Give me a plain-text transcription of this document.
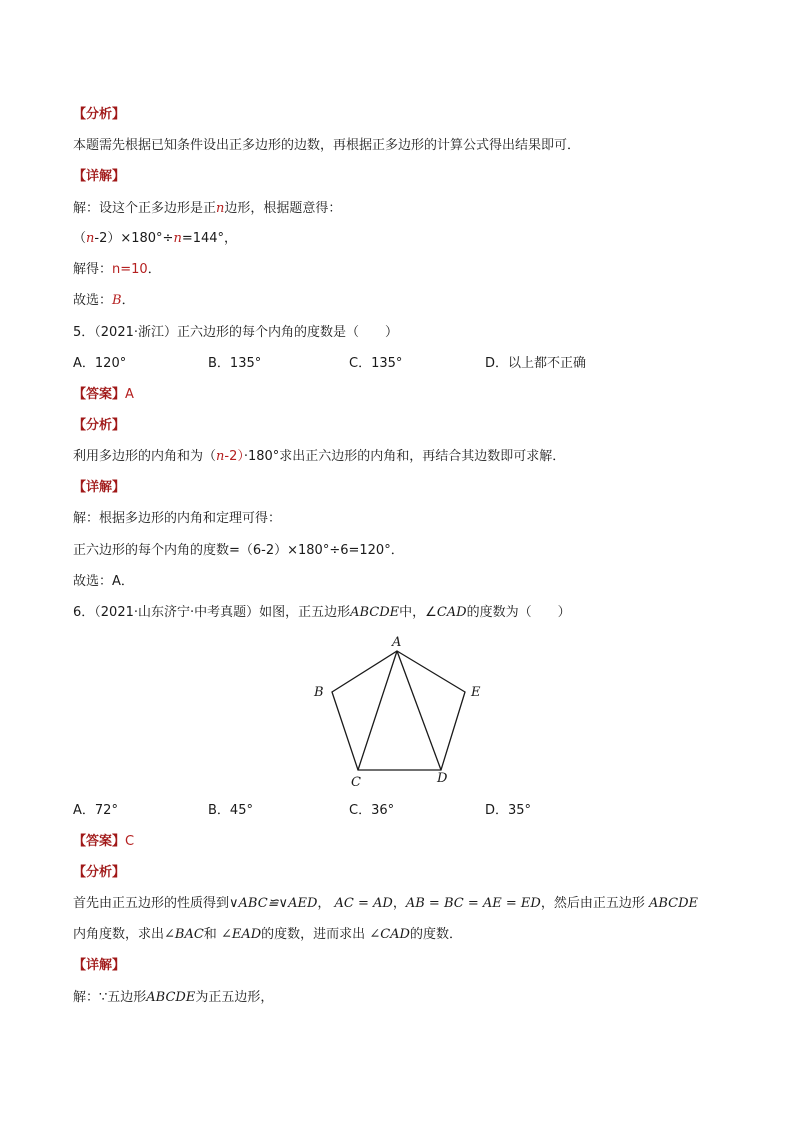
【分析】
本题需先根据已知条件设出正多边形的边数，再根据正多边形的计算公式得出结果即可．
【详解】
解：设这个正多边形是正n边形，根据题意得：
（n-2）×180°÷n=144°，
解得：n=10．
故选：B．
5．（2021·浙江）正六边形的每个内角的度数是（　　）
A．120°	B．135°	C．135°	D．以上都不正确
【答案】A
【分析】
利用多边形的内角和为（n-2）·180°求出正六边形的内角和，再结合其边数即可求解．
【详解】
解：根据多边形的内角和定理可得：
正六边形的每个内角的度数=（6-2）×180°÷6=120°．
故选：A．
6．（2021·山东济宁·中考真题）如图，正五边形ABCDE中，∠CAD的度数为（　　）
A
B
C	D
E
A．72°	B．45°	C．36°	D．35°
【答案】C
【分析】
首先由正五边形的性质得到∨ABC≌∨AED， AC = AD，AB = BC = AE = ED，然后由正五边形 ABCDE
内角度数，求出∠BAC和 ∠EAD的度数，进而求出 ∠CAD的度数．
【详解】
解：∵五边形ABCDE为正五边形，
